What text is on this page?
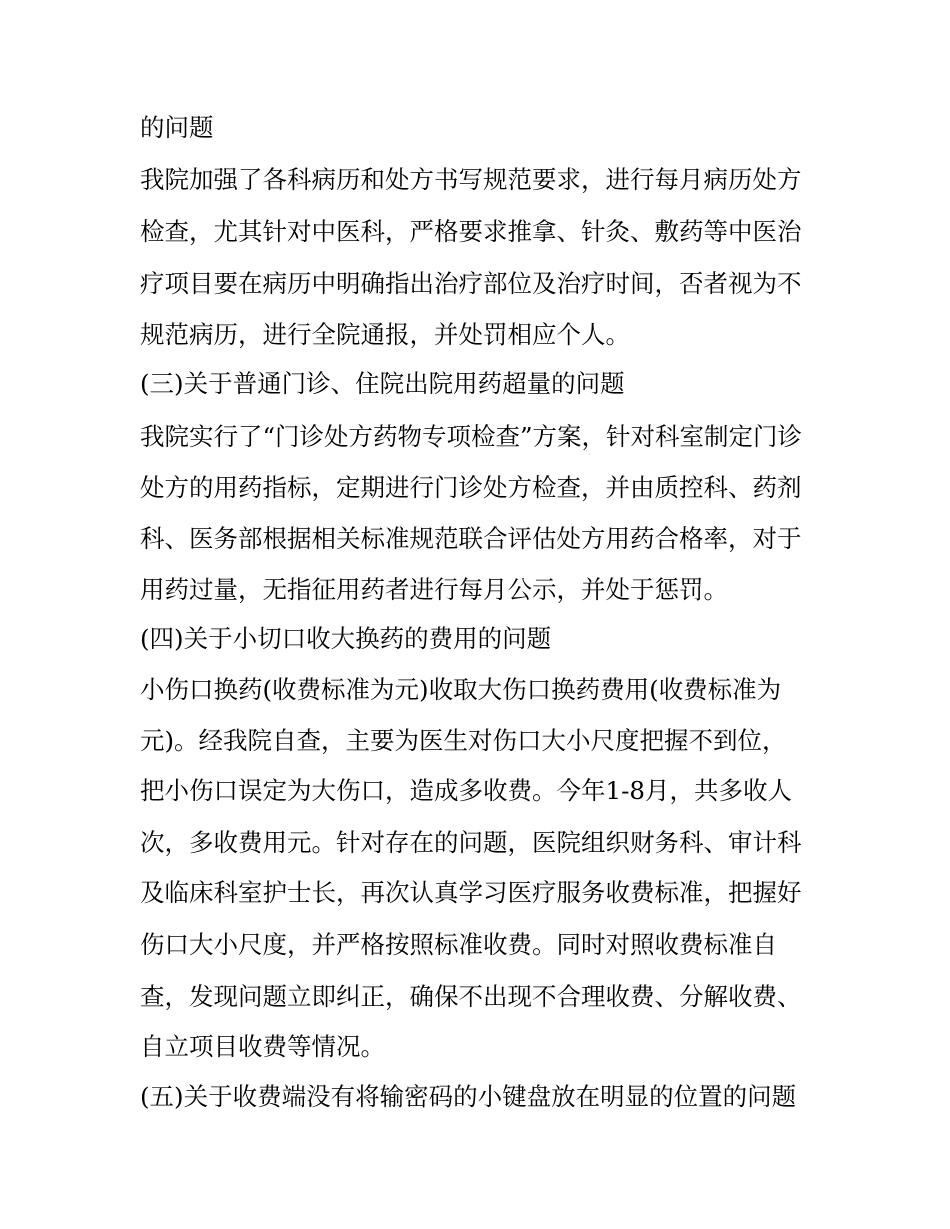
的问题
我院加强了各科病历和处方书写规范要求，进行每月病历处方
检查，尤其针对中医科，严格要求推拿、针灸、敷药等中医治
疗项目要在病历中明确指出治疗部位及治疗时间，否者视为不
规范病历，进行全院通报，并处罚相应个人。
(三)关于普通门诊、住院出院用药超量的问题
我院实行了“门诊处方药物专项检查”方案，针对科室制定门诊
处方的用药指标，定期进行门诊处方检查，并由质控科、药剂
科、医务部根据相关标准规范联合评估处方用药合格率，对于
用药过量，无指征用药者进行每月公示，并处于惩罚。
(四)关于小切口收大换药的费用的问题
小伤口换药(收费标准为元)收取大伤口换药费用(收费标准为
元)。经我院自查，主要为医生对伤口大小尺度把握不到位，
把小伤口误定为大伤口，造成多收费。今年1-8月，共多收人
次，多收费用元。针对存在的问题，医院组织财务科、审计科
及临床科室护士长，再次认真学习医疗服务收费标准，把握好
伤口大小尺度，并严格按照标准收费。同时对照收费标准自
查，发现问题立即纠正，确保不出现不合理收费、分解收费、
自立项目收费等情况。
(五)关于收费端没有将输密码的小键盘放在明显的位置的问题
